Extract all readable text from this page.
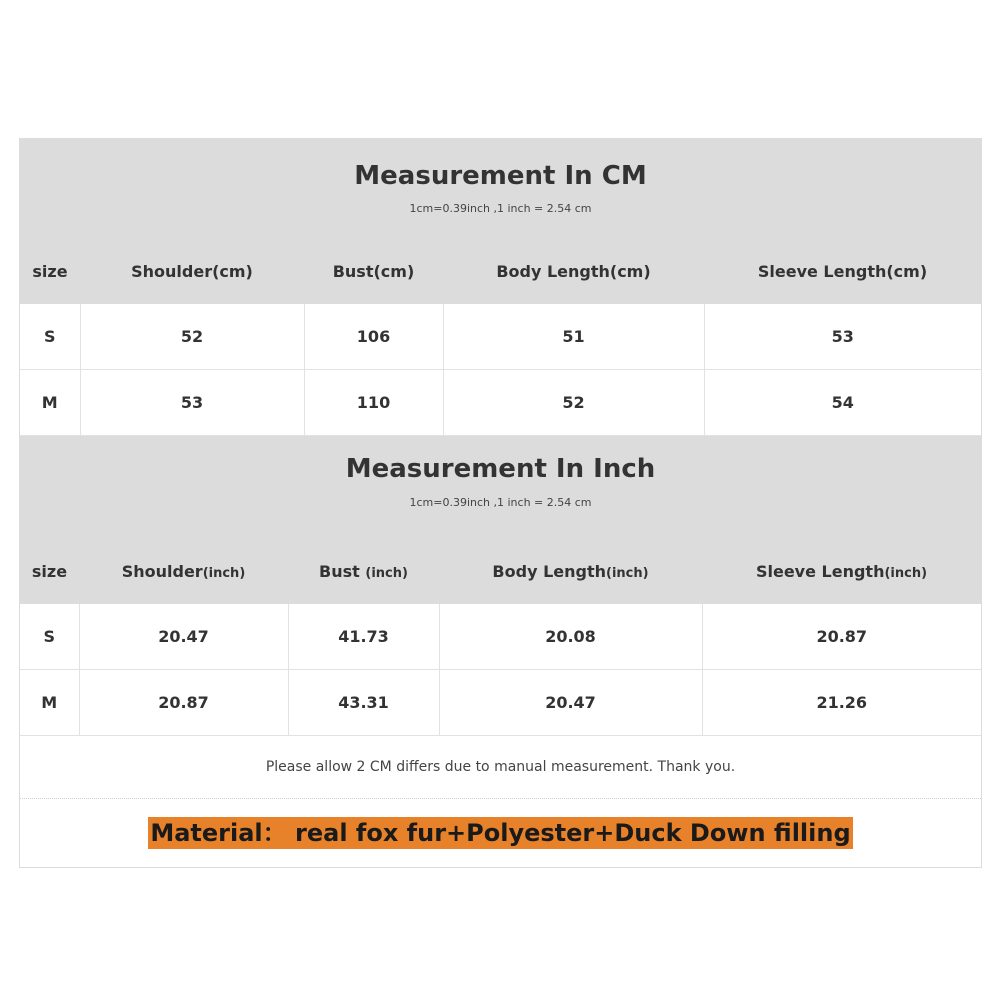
Measurement In CM
1cm=0.39inch ,1 inch = 2.54 cm
size	Shoulder(cm)	Bust(cm)	Body Length(cm)	Sleeve Length(cm)
S	52	106	51	53
M	53	110	52	54
Measurement In Inch
1cm=0.39inch ,1 inch = 2.54 cm
size	Shoulder(inch)	Bust (inch)	Body Length(inch)	Sleeve Length(inch)
S	20.47	41.73	20.08	20.87
M	20.87	43.31	20.47	21.26
Please allow 2 CM differs due to manual measurement. Thank you.
Material： real fox fur+Polyester+Duck Down filling
